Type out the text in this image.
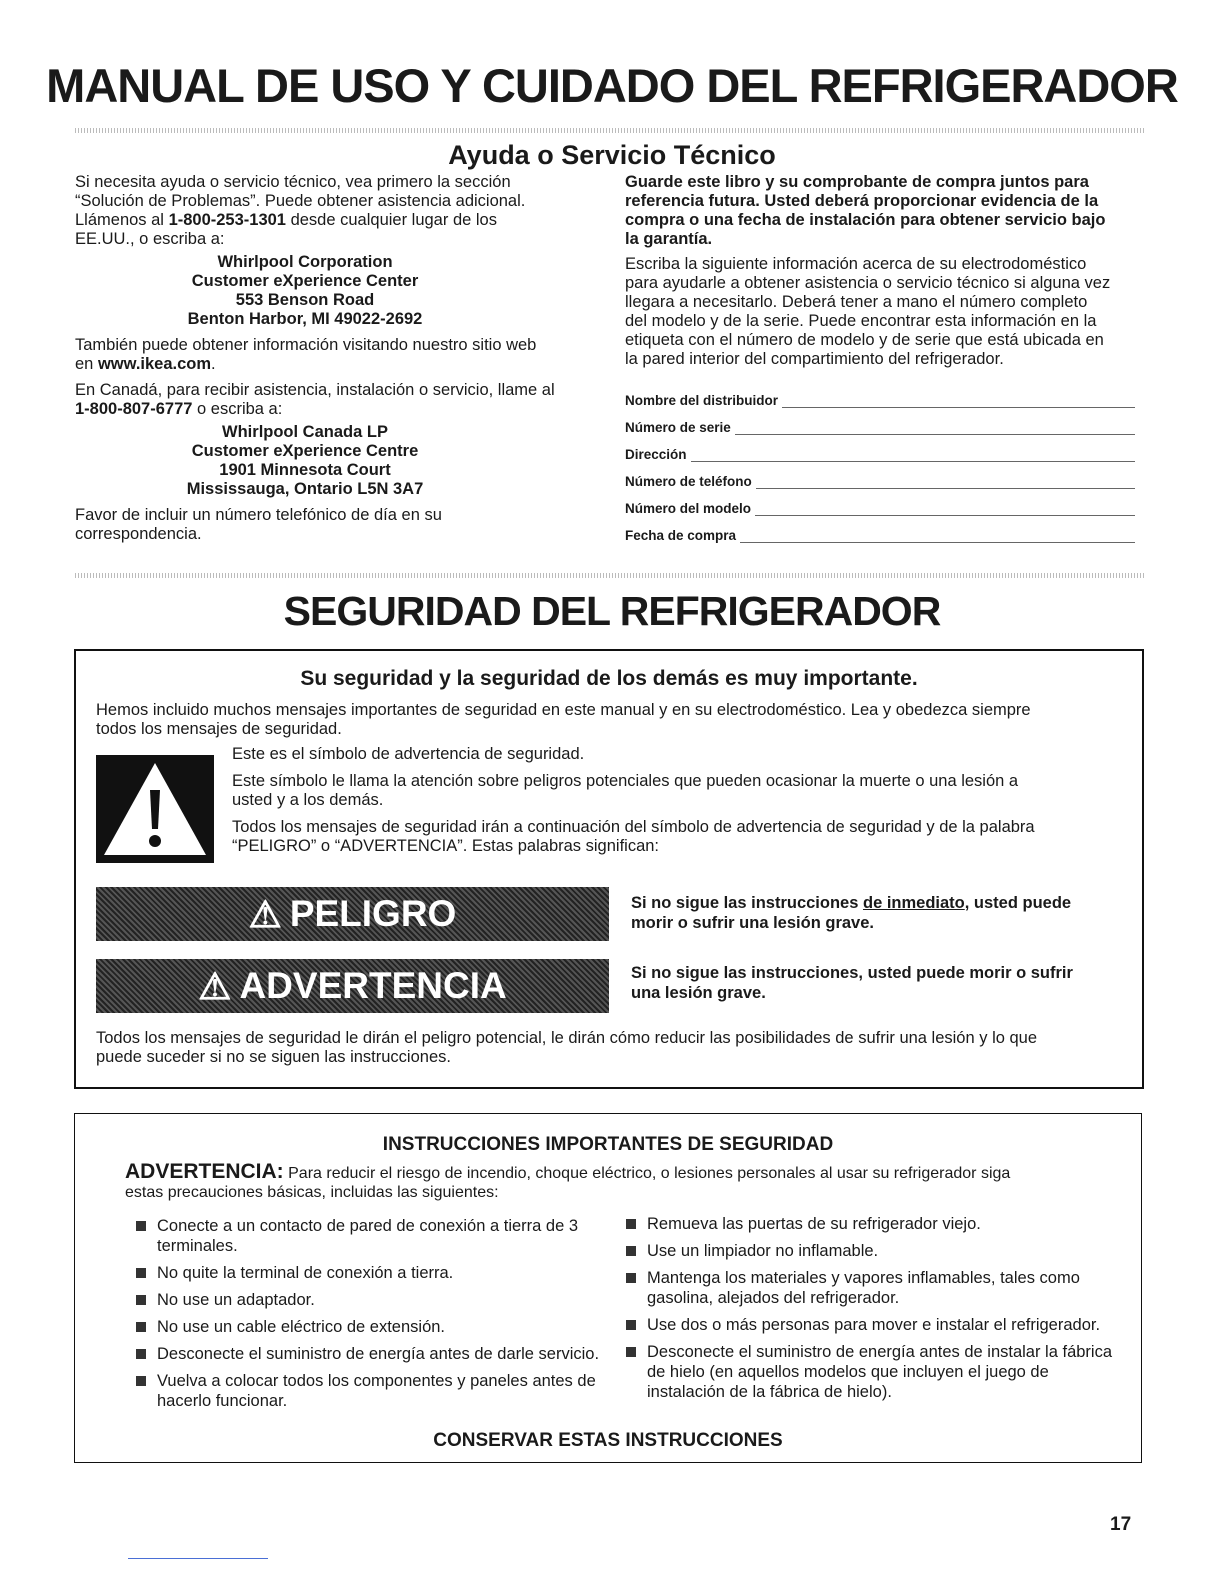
MANUAL DE USO Y CUIDADO DEL REFRIGERADOR
Ayuda o Servicio Técnico

Si necesita ayuda o servicio técnico, vea primero la sección

“Solución de Problemas”. Puede obtener asistencia adicional.

Llámenos al 1-800-253-1301 desde cualquier lugar de los

EE.UU., o escriba a:

Whirlpool Corporation
Customer eXperience Center
553 Benson Road
Benton Harbor, MI 49022-2692

También puede obtener información visitando nuestro sitio web

en www.ikea.com.

En Canadá, para recibir asistencia, instalación o servicio, llame al

1-800-807-6777 o escriba a:

Whirlpool Canada LP
Customer eXperience Centre
1901 Minnesota Court
Mississauga, Ontario L5N 3A7

Favor de incluir un número telefónico de día en su

correspondencia.

Guarde este libro y su comprobante de compra juntos para

referencia futura. Usted deberá proporcionar evidencia de la

compra o una fecha de instalación para obtener servicio bajo

la garantía.

Escriba la siguiente información acerca de su electrodoméstico

para ayudarle a obtener asistencia o servicio técnico si alguna vez

llegara a necesitarlo. Deberá tener a mano el número completo

del modelo y de la serie. Puede encontrar esta información en la

etiqueta con el número de modelo y de serie que está ubicada en

la pared interior del compartimiento del refrigerador.

Nombre del distribuidor
Número de serie
Dirección
Número de teléfono
Número del modelo
Fecha de compra
SEGURIDAD DEL REFRIGERADOR
Su seguridad y la seguridad de los demás es muy importante.

Hemos incluido muchos mensajes importantes de seguridad en este manual y en su electrodoméstico. Lea y obedezca siempre

todos los mensajes de seguridad.

Este es el símbolo de advertencia de seguridad.

Este símbolo le llama la atención sobre peligros potenciales que pueden ocasionar la muerte o una lesión a

usted y a los demás.

Todos los mensajes de seguridad irán a continuación del símbolo de advertencia de seguridad y de la palabra

“PELIGRO” o “ADVERTENCIA”. Estas palabras significan:

⚠ PELIGRO	Si no sigue las instrucciones de inmediato, usted puede
morir o sufrir una lesión grave.
⚠ ADVERTENCIA	Si no sigue las instrucciones, usted puede morir o sufrir
una lesión grave.

Todos los mensajes de seguridad le dirán el peligro potencial, le dirán cómo reducir las posibilidades de sufrir una lesión y lo que

puede suceder si no se siguen las instrucciones.

INSTRUCCIONES IMPORTANTES DE SEGURIDAD
ADVERTENCIA: Para reducir el riesgo de incendio, choque eléctrico, o lesiones personales al usar su refrigerador siga
estas precauciones básicas, incluidas las siguientes:

Conecte a un contacto de pared de conexión a tierra de 3 terminales.

No quite la terminal de conexión a tierra.

No use un adaptador.

No use un cable eléctrico de extensión.

Desconecte el suministro de energía antes de darle servicio.

Vuelva a colocar todos los componentes y paneles antes de hacerlo funcionar.

Remueva las puertas de su refrigerador viejo.

Use un limpiador no inflamable.

Mantenga los materiales y vapores inflamables, tales como gasolina, alejados del refrigerador.

Use dos o más personas para mover e instalar el refrigerador.

Desconecte el suministro de energía antes de instalar la fábrica de hielo (en aquellos modelos que incluyen el juego de instalación de la fábrica de hielo).

CONSERVAR ESTAS INSTRUCCIONES
17
